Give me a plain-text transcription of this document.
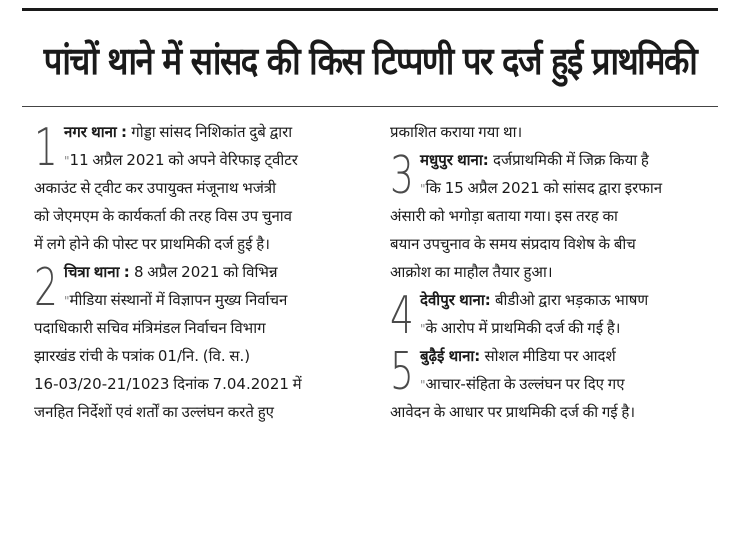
पांचों थाने में सांसद की किस टिप्पणी पर दर्ज हुई प्राथमिकी
1 नगर थाना : गोड्डा सांसद निशिकांत दुबे द्वारा
"11 अप्रैल 2021 को अपने वेरिफाइ ट्वीटर
अकाउंट से ट्वीट कर उपायुक्त मंजूनाथ भजंत्री
को जेएमएम के कार्यकर्ता की तरह विस उप चुनाव
में लगे होने की पोस्ट पर प्राथमिकी दर्ज हुई है।
2 चित्रा थाना : 8 अप्रैल 2021 को विभिन्न
"मीडिया संस्थानों में विज्ञापन मुख्य निर्वाचन
पदाधिकारी सचिव मंत्रिमंडल निर्वाचन विभाग
झारखंड रांची के पत्रांक 01/नि. (वि. स.)
16-03/20-21/1023 दिनांक 7.04.2021 में
जनहित निर्देशों एवं शर्तों का उल्लंघन करते हुए
प्रकाशित कराया गया था।
3 मधुपुर थाना: दर्जप्राथमिकी में जिक्र किया है
"कि 15 अप्रैल 2021 को सांसद द्वारा इरफान
अंसारी को भगोड़ा बताया गया। इस तरह का
बयान उपचुनाव के समय संप्रदाय विशेष के बीच
आक्रोश का माहौल तैयार हुआ।
4 देवीपुर थाना: बीडीओ द्वारा भड़काऊ भाषण
"के आरोप में प्राथमिकी दर्ज की गई है।
5 बुढ़ैई थाना: सोशल मीडिया पर आदर्श
"आचार-संहिता के उल्लंघन पर दिए गए
आवेदन के आधार पर प्राथमिकी दर्ज की गई है।
